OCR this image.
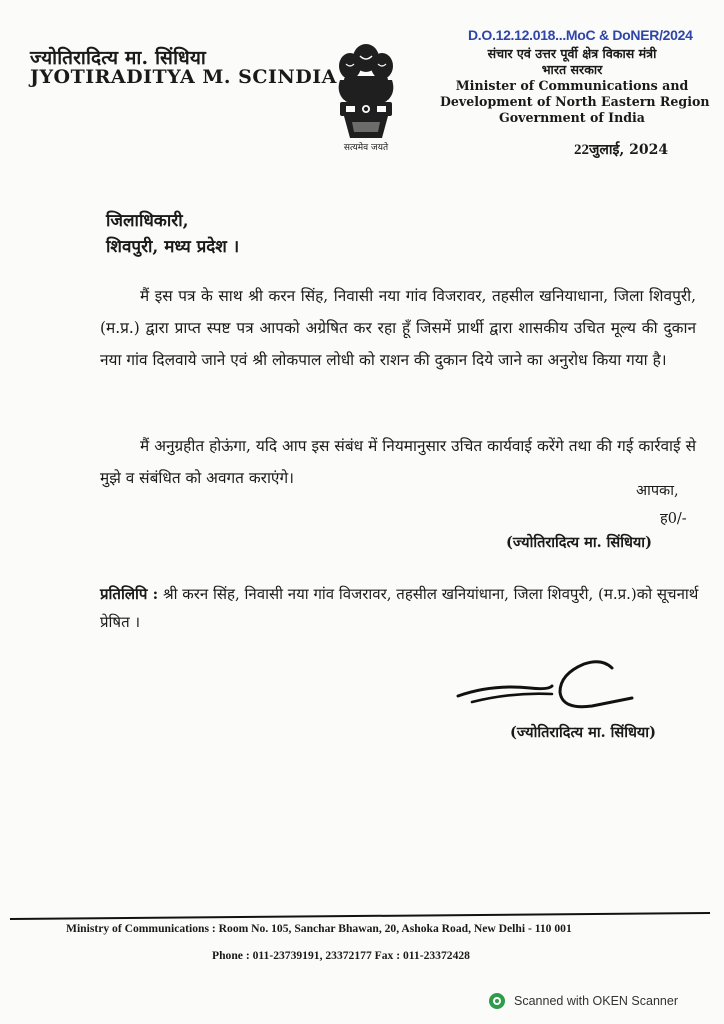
ज्योतिरादित्य मा. सिंधिया
JYOTIRADITYA M. SCINDIA
सत्यमेव जयते
D.O.12.12.018...MoC & DoNER/2024
संचार एवं उत्तर पूर्वी क्षेत्र विकास मंत्री
भारत सरकार
Minister of Communications and
Development of North Eastern Region
Government of India
22जुलाई, 2024
जिलाधिकारी,
शिवपुरी, मध्य प्रदेश ।
मैं इस पत्र के साथ श्री करन सिंह, निवासी नया गांव विजरावर, तहसील खनियाधाना, जिला शिवपुरी, (म.प्र.) द्वारा प्राप्त स्पष्ट पत्र आपको अग्रेषित कर रहा हूँ जिसमें प्रार्थी द्वारा शासकीय उचित मूल्य की दुकान नया गांव दिलवाये जाने एवं श्री लोकपाल लोधी को राशन की दुकान दिये जाने का अनुरोध किया गया है।
मैं अनुग्रहीत होऊंगा, यदि आप इस संबंध में नियमानुसार उचित कार्यवाई करेंगे तथा की गई कार्रवाई से मुझे व संबंधित को अवगत कराएंगे।
आपका,
ह0/-
(ज्योतिरादित्य मा. सिंधिया)
प्रतिलिपि : श्री करन सिंह, निवासी नया गांव विजरावर, तहसील खनियांधाना, जिला शिवपुरी, (म.प्र.)को सूचनार्थ प्रेषित ।
(ज्योतिरादित्य मा. सिंधिया)
Ministry of Communications : Room No. 105, Sanchar Bhawan, 20, Ashoka Road, New Delhi - 110 001
Phone : 011-23739191, 23372177 Fax : 011-23372428
Scanned with OKEN Scanner
